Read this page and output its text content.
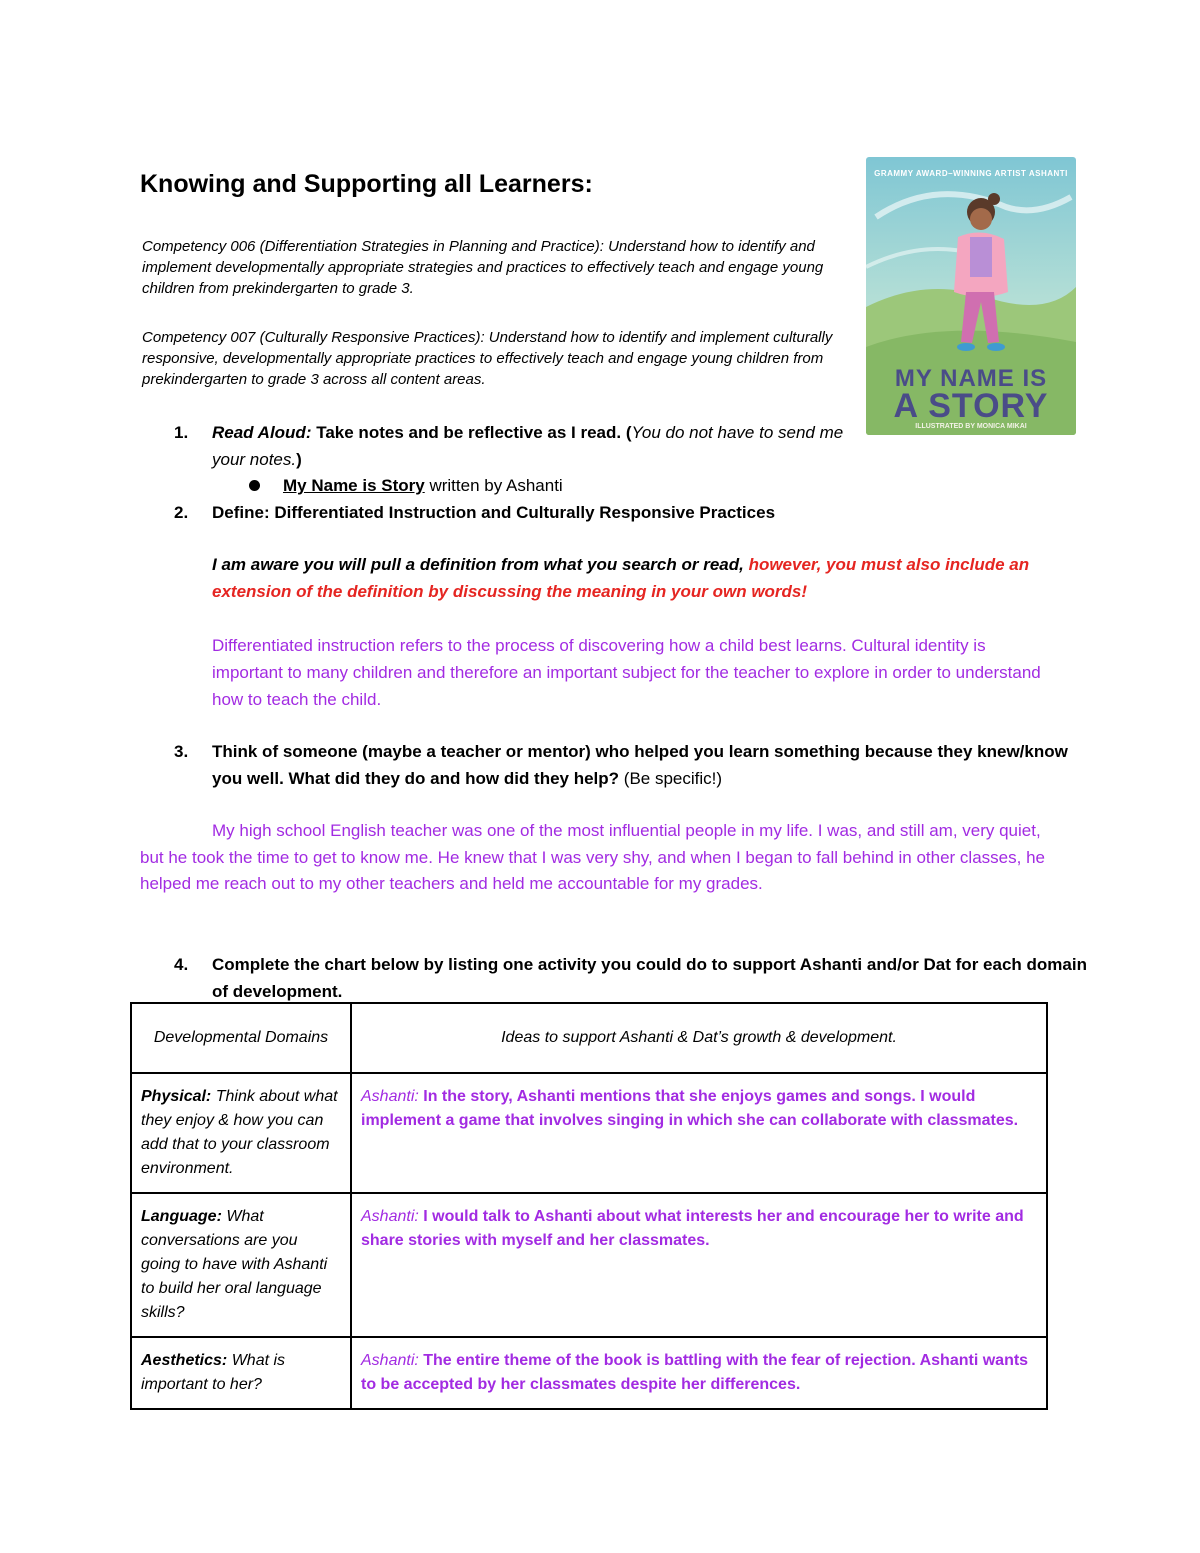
Knowing and Supporting all Learners:

Competency 006 (Differentiation Strategies in Planning and Practice): Understand how to identify and implement developmentally appropriate strategies and practices to effectively teach and engage young children from prekindergarten to grade 3.

Competency 007 (Culturally Responsive Practices): Understand how to identify and implement culturally responsive, developmentally appropriate practices to effectively teach and engage young children from prekindergarten to grade 3 across all content areas.

GRAMMY AWARD–WINNING ARTIST ASHANTI
MY NAME IS
A STORY
ILLUSTRATED BY MONICA MIKAI
1. Read Aloud: Take notes and be reflective as I read. (You do not have to send me your notes.)
My Name is Story written by Ashanti
2. Define: Differentiated Instruction and Culturally Responsive Practices
I am aware you will pull a definition from what you search or read, however, you must also include an extension of the definition by discussing the meaning in your own words!
Differentiated instruction refers to the process of discovering how a child best learns. Cultural identity is important to many children and therefore an important subject for the teacher to explore in order to understand how to teach the child.
3. Think of someone (maybe a teacher or mentor) who helped you learn something because they knew/know you well. What did they do and how did they help? (Be specific!)
My high school English teacher was one of the most influential people in my life. I was, and still am, very quiet, but he took the time to get to know me. He knew that I was very shy, and when I began to fall behind in other classes, he helped me reach out to my other teachers and held me accountable for my grades.
4. Complete the chart below by listing one activity you could do to support Ashanti and/or Dat for each domain of development.
Developmental Domains	Ideas to support Ashanti & Dat’s growth & development.
Physical: Think about what they enjoy & how you can add that to your classroom environment.	Ashanti: In the story, Ashanti mentions that she enjoys games and songs. I would implement a game that involves singing in which she can collaborate with classmates.
Language: What conversations are you going to have with Ashanti to build her oral language skills?	Ashanti: I would talk to Ashanti about what interests her and encourage her to write and share stories with myself and her classmates.
Aesthetics: What is important to her?	Ashanti: The entire theme of the book is battling with the fear of rejection. Ashanti wants to be accepted by her classmates despite her differences.
